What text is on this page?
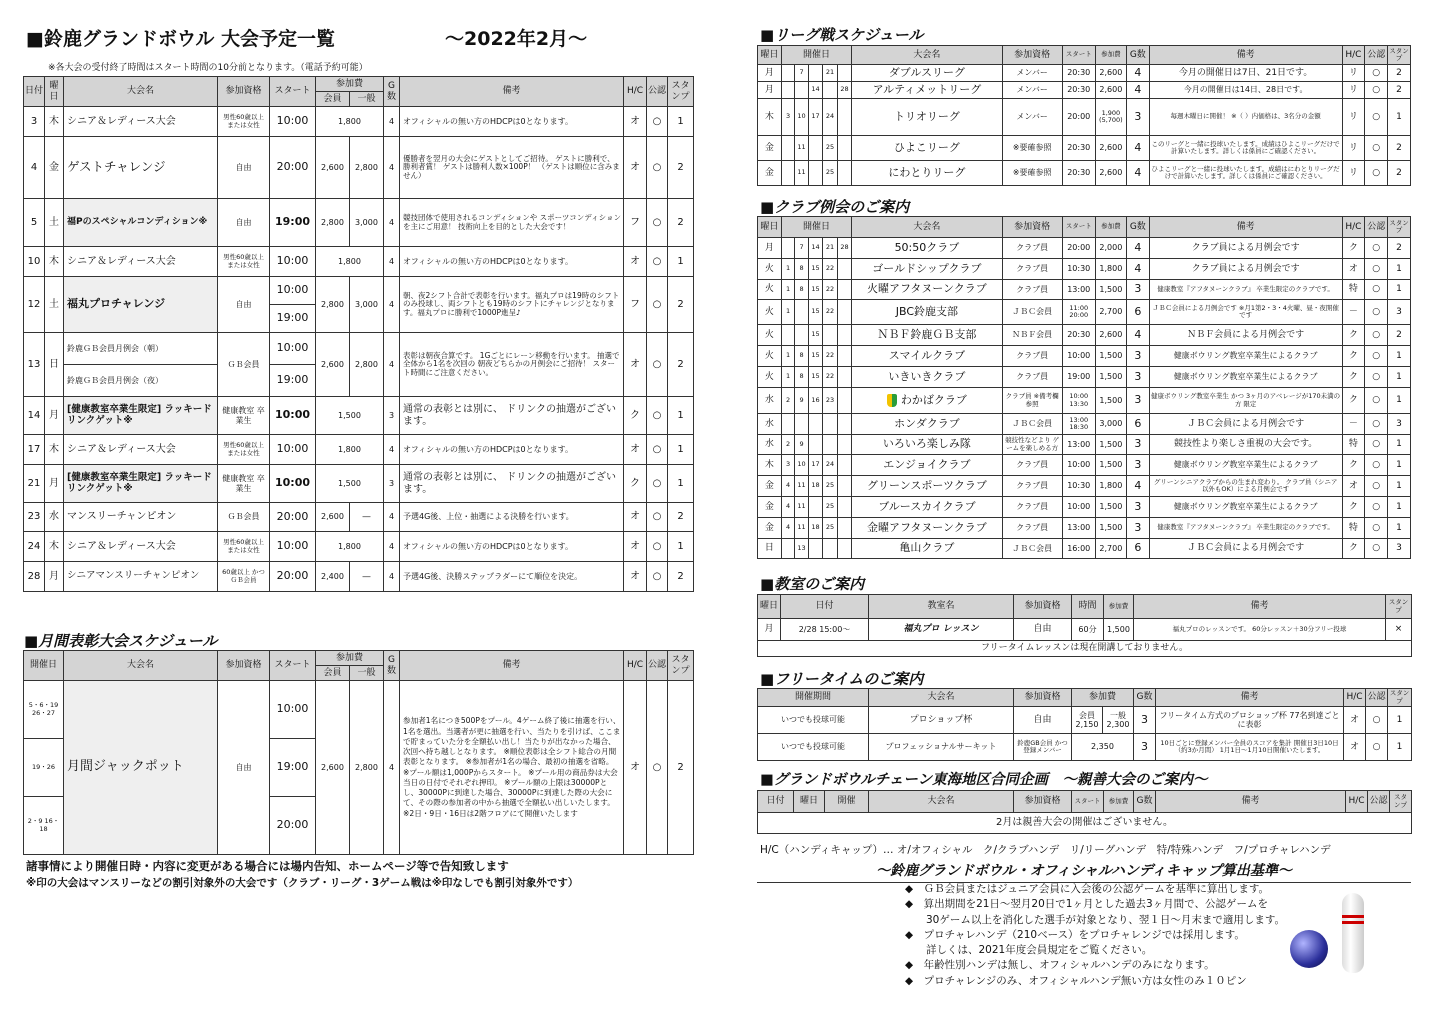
■鈴鹿グランドボウル 大会予定一覧	～2022年2月～
※各大会の受付終了時間はスタート時間の10分前となります。（電話予約可能）
日付	曜日	大会名	参加資格	スタート	参加費		G数	備考	H/C	公認	スタンプ
					会員	一般					
3	木	シニア＆レディース大会	男性60歳以上 または女性	10:00	1,800		4	オフィシャルの無い方のHDCPは0となります。	オ	○	1
4	金	ゲストチャレンジ	自由	20:00	2,600	2,800	4	優勝者を翌月の大会にゲストとしてご招待。 ゲストに勝利で、勝利者賞！ ゲストは勝利人数×100P！ （ゲストは順位に含みません）	オ	○	2
5	土	福Pのスペシャルコンディション※	自由	19:00	2,800	3,000	4	競技団体で使用されるコンディションや スポーツコンディションを主にご用意！ 技術向上を目的とした大会です！	フ	○	2
10	木	シニア＆レディース大会	男性60歳以上 または女性	10:00	1,800		4	オフィシャルの無い方のHDCPは0となります。	オ	○	1
12	土	福丸プロチャレンジ	自由	10:00	2,800	3,000	4	朝、夜2シフト合計で表彰を行います。福丸プロは19時のシフトのみ投球し、両シフトとも19時のシフトにチャレンジとなります。福丸プロに勝利で1000P進呈♪	フ	○	2
				19:00							
13	日	鈴鹿ＧＢ会員月例会（朝）	ＧＢ会員	10:00	2,600	2,800	4	表彰は朝夜合算です。 1Gごとにレーン移動を行います。 抽選で全体から1名を次回の 朝夜どちらかの月例会にご招待！ スタート時間にご注意ください。	オ	○	2
		鈴鹿ＧＢ会員月例会（夜）		19:00							
14	月	[健康教室卒業生限定] ラッキードリンクゲット※	健康教室 卒業生	10:00	1,500		3	通常の表彰とは別に、 ドリンクの抽選がございます。	ク	○	1
17	木	シニア＆レディース大会	男性60歳以上 または女性	10:00	1,800		4	オフィシャルの無い方のHDCPは0となります。	オ	○	1
21	月	[健康教室卒業生限定] ラッキードリンクゲット※	健康教室 卒業生	10:00	1,500		3	通常の表彰とは別に、 ドリンクの抽選がございます。	ク	○	1
23	水	マンスリーチャンピオン	ＧＢ会員	20:00	2,600	―	4	予選4G後、上位・抽選による決勝を行います。	オ	○	2
24	木	シニア＆レディース大会	男性60歳以上 または女性	10:00	1,800		4	オフィシャルの無い方のHDCPは0となります。	オ	○	1
28	月	シニアマンスリーチャンピオン	60歳以上 かつＧＢ会員	20:00	2,400	―	4	予選4G後、決勝ステップラダーにて順位を決定。	オ	○	2
■月間表彰大会スケジュール
開催日	大会名	参加資格	スタート	参加費		G数	備考	H/C	公認	スタンプ
				会員	一般					
5・6・19 26・27	月間ジャックポット	自由	10:00	2,600	2,800	4	参加者1名につき500Pをプール。4ゲーム終了後に抽選を行い、1名を選出。当選者が更に抽選を行い、当たりを引けば、ここまで貯まっていた分を全額払い出し！当たりが出なかった場合、次回へ持ち越しとなります。 ※順位表彰は全シフト総合の月間表彰となります。 ※参加者が1名の場合、最初の抽選を省略。 ※プール額は1,000Pからスタート。 ※プール用の商品券は大会当日の日付でそれぞれ押印。 ※プール額の上限は30000Pとし、30000Pに到達した場合、30000Pに到達した際の大会にて、その際の参加者の中から抽選で全額払い出しいたします。 ※2日・9日・16日は2階フロアにて開催いたします	オ	○	2
19・26			19:00							
2・9 16・18			20:00							
諸事情により開催日時・内容に変更がある場合には場内告知、ホームページ等で告知致します
※印の大会はマンスリーなどの割引対象外の大会です（クラブ・リーグ・3ゲーム戦は※印なしでも割引対象外です）
■リーグ戦スケジュール
曜日	開催日					大会名	参加資格	スタート	参加費	G数	備考	H/C	公認	スタンプ
月		7		21		ダブルスリーグ	メンバー	20:30	2,600	4	今月の開催日は7日、21日です。	リ	○	2
月			14		28	アルティメットリーグ	メンバー	20:30	2,600	4	今月の開催日は14日、28日です。	リ	○	2
木	3	10	17	24		トリオリーグ	メンバー	20:00	1,900 (5,700)	3	毎週木曜日に開催！ ※（ ）内価格は、3名分の金額	リ	○	1
金		11		25		ひよこリーグ	※要確参照	20:30	2,600	4	このリーグと一緒に投球いたします。成績はひよこリーグだけで計算いたします。詳しくは係員にご確認ください。	リ	○	2
金		11		25		にわとりリーグ	※要確参照	20:30	2,600	4	ひよこリーグと一緒に投球いたします。成績はにわとりリーグだけで計算いたします。詳しくは係員にご確認ください。	リ	○	2
■クラブ例会のご案内
曜日	開催日					大会名	参加資格	スタート	参加費	G数	備考	H/C	公認	スタンプ
月		7	14	21	28	50:50クラブ	クラブ員	20:00	2,000	4	クラブ員による月例会です	ク	○	2
火	1	8	15	22		ゴールドシップクラブ	クラブ員	10:30	1,800	4	クラブ員による月例会です	オ	○	1
火	1	8	15	22		火曜アフタヌーンクラブ	クラブ員	13:00	1,500	3	健康教室『アフタヌーンクラブ』 卒業生限定のクラブです。	特	○	1
火	1		15	22		JBC鈴鹿支部	ＪＢＣ会員	11:00 20:00	2,700	6	ＪＢＣ会員による月例会です ※月1第2・3・4火曜、昼・夜開催です	－	○	3
火			15			ＮＢＦ鈴鹿ＧＢ支部	ＮＢＦ会員	20:30	2,600	4	ＮＢＦ会員による月例会です	ク	○	2
火	1	8	15	22		スマイルクラブ	クラブ員	10:00	1,500	3	健康ボウリング教室卒業生によるクラブ	ク	○	1
火	1	8	15	22		いきいきクラブ	クラブ員	19:00	1,500	3	健康ボウリング教室卒業生によるクラブ	ク	○	1
水	2	9	16	23		わかばクラブ	クラブ員 ※備考欄参照	10:00 13:30	1,500	3	健康ボウリング教室卒業生 かつ 3ヶ月のアベレージが170未満の方 限定	ク	○	1
水						ホンダクラブ	ＪＢＣ会員	13:00 18:30	3,000	6	ＪＢＣ会員による月例会です	－	○	3
水	2	9				いろいろ楽しみ隊	競技性などより ゲームを楽しめる方	13:00	1,500	3	競技性より楽しさ重視の大会です。	特	○	1
木	3	10	17	24		エンジョイクラブ	クラブ員	10:00	1,500	3	健康ボウリング教室卒業生によるクラブ	ク	○	1
金	4	11	18	25		グリーンスポーツクラブ	クラブ員	10:30	1,800	4	グリーンシニアクラブからの生まれ変わり。 クラブ員（シニア以外もOK）による月例会です	オ	○	1
金	4	11		25		ブルースカイクラブ	クラブ員	10:00	1,500	3	健康ボウリング教室卒業生によるクラブ	ク	○	1
金	4	11	18	25		金曜アフタヌーンクラブ	クラブ員	13:00	1,500	3	健康教室『アフタヌーンクラブ』 卒業生限定のクラブです。	特	○	1
日		13				亀山クラブ	ＪＢＣ会員	16:00	2,700	6	ＪＢＣ会員による月例会です	ク	○	3
■教室のご案内
曜日	日付	教室名	参加資格	時間	参加費	備考	スタンプ
月	2/28 15:00～	福丸プロ レッスン	自由	60分	1,500	福丸プロのレッスンです。 60分レッスン＋30分フリー投球	×
フリータイムレッスンは現在開講しておりません。							
■フリータイムのご案内
開催期間	大会名	参加資格	参加費		G数	備考	H/C	公認	スタンプ
いつでも投球可能	プロショップ杯	自由	会員 2,150	一般 2,300	3	フリータイム方式のプロショップ杯 77名到達ごとに表彰	オ	○	1
いつでも投球可能	プロフェッショナルサーキット	鈴鹿GB会員 かつ 登録メンバー	2,350		3	10日ごとに登録メンバー全員のスコアを集計 開催日3日10日（約3か月間） 1月1日～1月10日開催いたします。	オ	○	1
■グランドボウルチェーン東海地区合同企画　～親善大会のご案内～
日付	曜日	開催	大会名	参加資格	スタート	参加費	G数	備考	H/C	公認	スタンプ
2月は親善大会の開催はございません。
H/C（ハンディキャップ）… オ/オフィシャル　ク/クラブハンデ　リ/リーグハンデ　特/特殊ハンデ　フ/プロチャレハンデ
～鈴鹿グランドボウル・オフィシャルハンディキャップ算出基準～
◆　ＧＢ会員またはジュニア会員に入会後の公認ゲームを基準に算出します。
◆　算出期間を21日～翌月20日で1ヶ月とした過去3ヶ月間で、公認ゲームを
　　30ゲーム以上を消化した選手が対象となり、翌１日～月末まで適用します。
◆　プロチャレハンデ（210ベース）をプロチャレンジでは採用します。
　　詳しくは、2021年度会員規定をご覧ください。
◆　年齢性別ハンデは無し、オフィシャルハンデのみになります。
◆　プロチャレンジのみ、オフィシャルハンデ無い方は女性のみ１０ピン
